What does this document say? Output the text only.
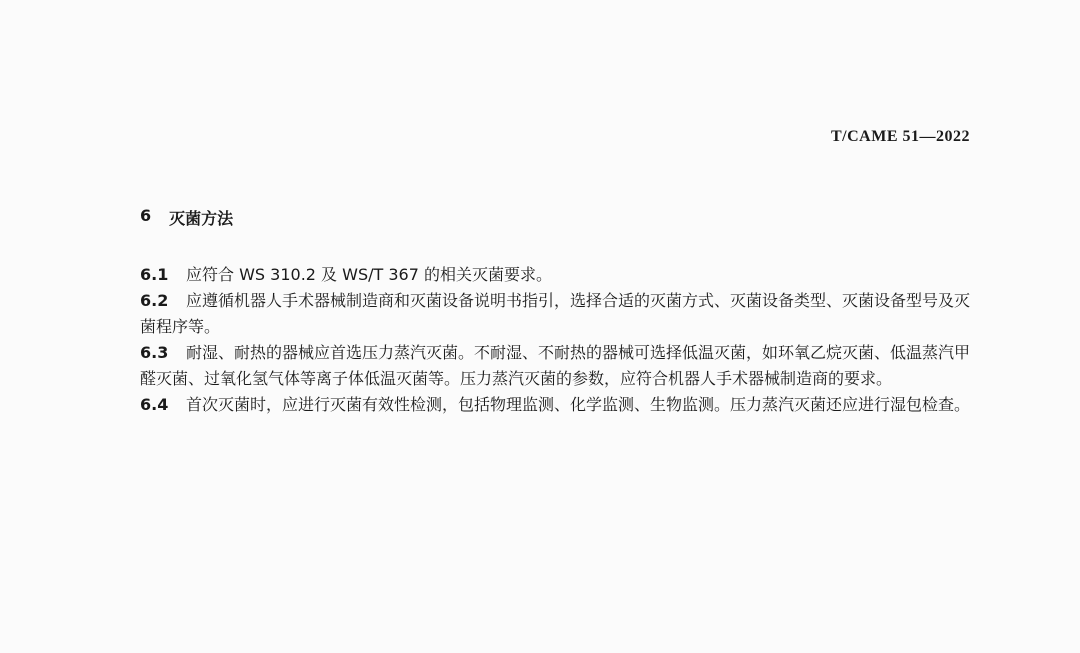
T/CAME 51—2022
6 灭菌方法

6.1 应符合 WS 310.2 及 WS/T 367 的相关灭菌要求。

6.2 应遵循机器人手术器械制造商和灭菌设备说明书指引，选择合适的灭菌方式、灭菌设备类型、灭菌设备型号及灭菌程序等。

6.3 耐湿、耐热的器械应首选压力蒸汽灭菌。不耐湿、不耐热的器械可选择低温灭菌，如环氧乙烷灭菌、低温蒸汽甲醛灭菌、过氧化氢气体等离子体低温灭菌等。压力蒸汽灭菌的参数，应符合机器人手术器械制造商的要求。

6.4 首次灭菌时，应进行灭菌有效性检测，包括物理监测、化学监测、生物监测。压力蒸汽灭菌还应进行湿包检查。
